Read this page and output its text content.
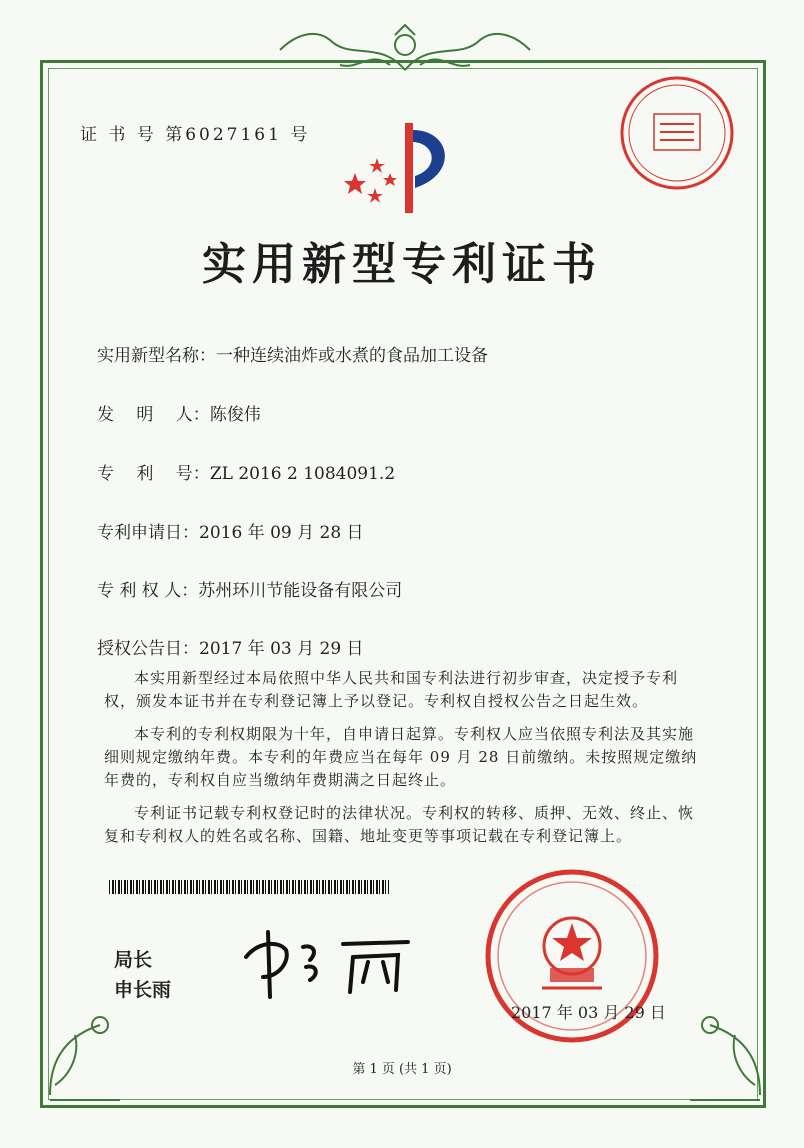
证 书 号 第6027161 号
实用新型专利证书
实用新型名称：一种连续油炸或水煮的食品加工设备
发　 明　 人：陈俊伟
专　 利　 号：ZL 2016 2 1084091.2
专利申请日：2016 年 09 月 28 日
专 利 权 人：苏州环川节能设备有限公司
授权公告日：2017 年 03 月 29 日

本实用新型经过本局依照中华人民共和国专利法进行初步审查，决定授予专利权，颁发本证书并在专利登记簿上予以登记。专利权自授权公告之日起生效。

本专利的专利权期限为十年，自申请日起算。专利权人应当依照专利法及其实施细则规定缴纳年费。本专利的年费应当在每年 09 月 28 日前缴纳。未按照规定缴纳年费的，专利权自应当缴纳年费期满之日起终止。

专利证书记载专利权登记时的法律状况。专利权的转移、质押、无效、终止、恢复和专利权人的姓名或名称、国籍、地址变更等事项记载在专利登记簿上。

局长
申长雨
2017 年 03 月 29 日
第 1 页 (共 1 页)
